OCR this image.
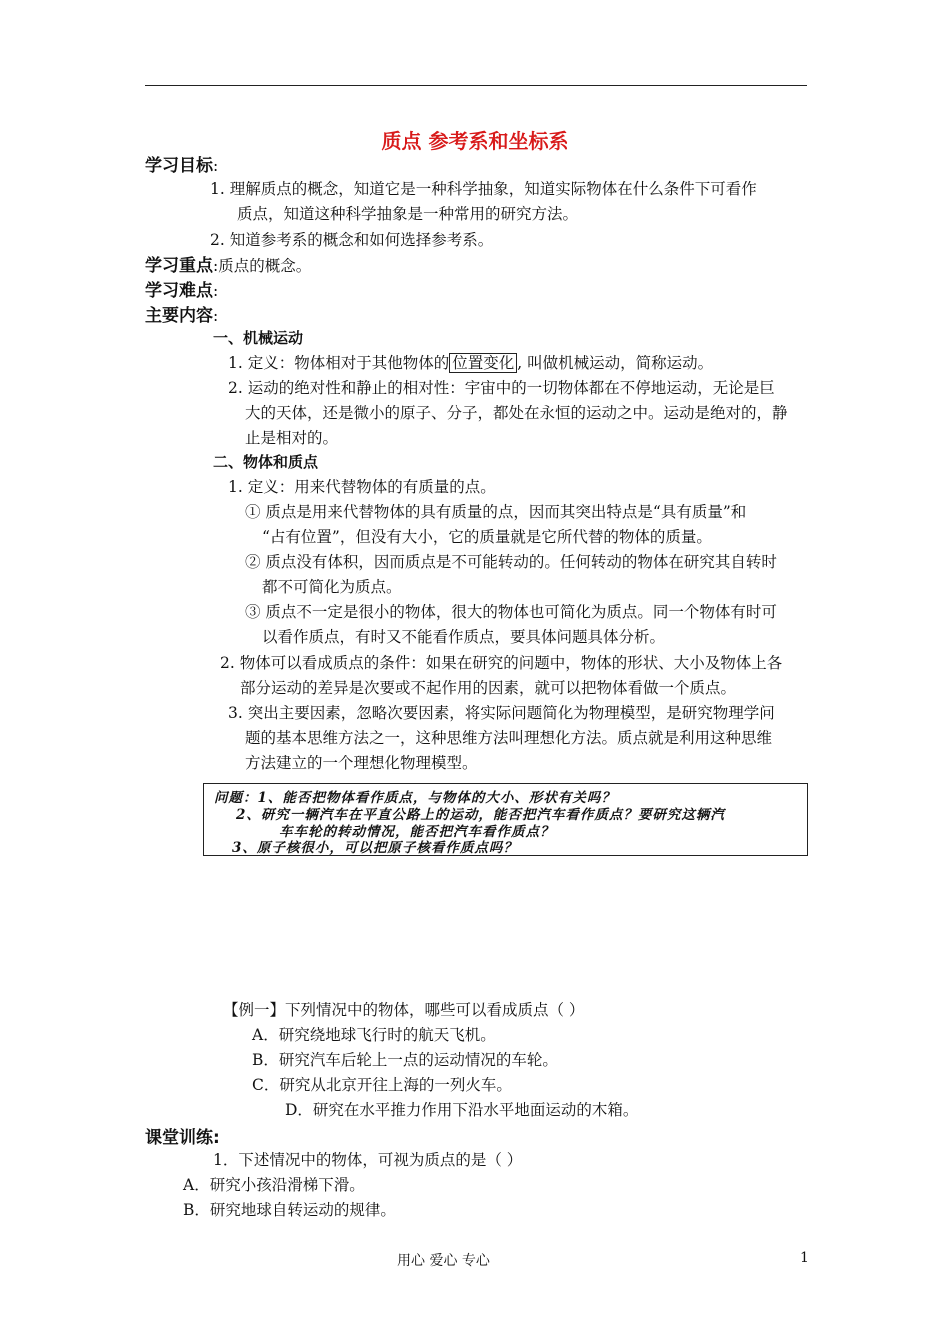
质点 参考系和坐标系
学习目标:
1. 理解质点的概念，知道它是一种科学抽象，知道实际物体在什么条件下可看作
质点，知道这种科学抽象是一种常用的研究方法。
2. 知道参考系的概念和如何选择参考系。
学习重点:质点的概念。
学习难点:
主要内容:
一、机械运动
1. 定义：物体相对于其他物体的 位置变化 , 叫做机械运动，简称运动。
2. 运动的绝对性和静止的相对性：宇宙中的一切物体都在不停地运动，无论是巨
大的天体，还是微小的原子、分子，都处在永恒的运动之中。运动是绝对的，静
止是相对的。
二、物体和质点
1. 定义：用来代替物体的有质量的点。
① 质点是用来代替物体的具有质量的点，因而其突出特点是“具有质量”和
“占有位置”，但没有大小，它的质量就是它所代替的物体的质量。
② 质点没有体积，因而质点是不可能转动的。任何转动的物体在研究其自转时
都不可简化为质点。
③ 质点不一定是很小的物体，很大的物体也可简化为质点。同一个物体有时可
以看作质点，有时又不能看作质点，要具体问题具体分析。
2. 物体可以看成质点的条件：如果在研究的问题中，物体的形状、大小及物体上各
部分运动的差异是次要或不起作用的因素，就可以把物体看做一个质点。
3. 突出主要因素，忽略次要因素，将实际问题简化为物理模型，是研究物理学问
题的基本思维方法之一，这种思维方法叫理想化方法。质点就是利用这种思维
方法建立的一个理想化物理模型。
问题：1、能否把物体看作质点，与物体的大小、形状有关吗？
2、研究一辆汽车在平直公路上的运动，能否把汽车看作质点？要研究这辆汽
车车轮的转动情况，能否把汽车看作质点？
3、原子核很小，可以把原子核看作质点吗？
【例一】下列情况中的物体，哪些可以看成质点（ ）
A．研究绕地球飞行时的航天飞机。
B．研究汽车后轮上一点的运动情况的车轮。
C．研究从北京开往上海的一列火车。
D．研究在水平推力作用下沿水平地面运动的木箱。
课堂训练:
1．下述情况中的物体，可视为质点的是（ ）
A．研究小孩沿滑梯下滑。
B．研究地球自转运动的规律。
用心 爱心 专心	1
